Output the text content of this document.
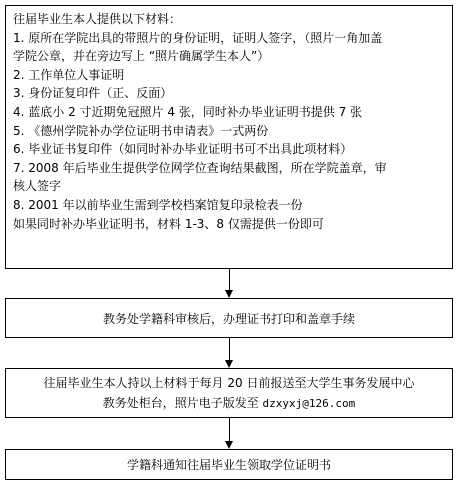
往届毕业生本人提供以下材料：
1. 原所在学院出具的带照片的身份证明，证明人签字，（照片一角加盖
学院公章，并在旁边写上 “照片确属学生本人”）
2. 工作单位人事证明
3. 身份证复印件（正、反面）
4. 蓝底小 2 寸近期免冠照片 4 张，同时补办毕业证明书提供 7 张
5. 《德州学院补办学位证明书申请表》一式两份
6. 毕业证书复印件（如同时补办毕业证明书可不出具此项材料）
7. 2008 年后毕业生提供学位网学位查询结果截图，所在学院盖章，审
核人签字
8. 2001 年以前毕业生需到学校档案馆复印录检表一份
如果同时补办毕业证明书，材料 1-3、8 仅需提供一份即可
教务处学籍科审核后，办理证书打印和盖章手续
往届毕业生本人持以上材料于每月 20 日前报送至大学生事务发展中心
教务处柜台，照片电子版发至 dzxyxj@126.com
学籍科通知往届毕业生领取学位证明书
